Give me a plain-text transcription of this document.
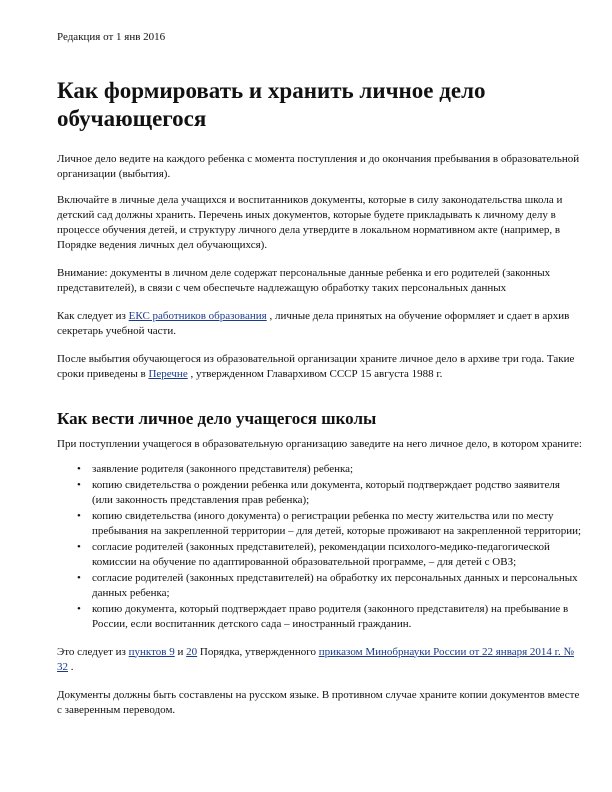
Редакция от 1 янв 2016
Как формировать и хранить личное дело обучающегося

Личное дело ведите на каждого ребенка с момента поступления и до окончания пребывания в образовательной организации (выбытия).

Включайте в личные дела учащихся и воспитанников документы, которые в силу законодательства школа и детский сад должны хранить. Перечень иных документов, которые будете прикладывать к личному делу в процессе обучения детей, и структуру личного дела утвердите в локальном нормативном акте (например, в Порядке ведения личных дел обучающихся).

Внимание: документы в личном деле содержат персональные данные ребенка и его родителей (законных представителей), в связи с чем обеспечьте надлежащую обработку таких персональных данных

Как следует из ЕКС работников образования , личные дела принятых на обучение оформляет и сдает в архив секретарь учебной части.

После выбытия обучающегося из образовательной организации храните личное дело в архиве три года. Такие сроки приведены в Перечне , утвержденном Главархивом СССР 15 августа 1988 г.

Как вести личное дело учащегося школы

При поступлении учащегося в образовательную организацию заведите на него личное дело, в котором храните:

• заявление родителя (законного представителя) ребенка;
• копию свидетельства о рождении ребенка или документа, который подтверждает родство заявителя (или законность представления прав ребенка);
• копию свидетельства (иного документа) о регистрации ребенка по месту жительства или по месту пребывания на закрепленной территории – для детей, которые проживают на закрепленной территории;
• согласие родителей (законных представителей), рекомендации психолого-медико-педагогической комиссии на обучение по адаптированной образовательной программе, – для детей с ОВЗ;
• согласие родителей (законных представителей) на обработку их персональных данных и персональных данных ребенка;
• копию документа, который подтверждает право родителя (законного представителя) на пребывание в России, если воспитанник детского сада – иностранный гражданин.

Это следует из пунктов 9 и 20 Порядка, утвержденного приказом Минобрнауки России от 22 января 2014 г. № 32 .

Документы должны быть составлены на русском языке. В противном случае храните копии документов вместе с заверенным переводом.
